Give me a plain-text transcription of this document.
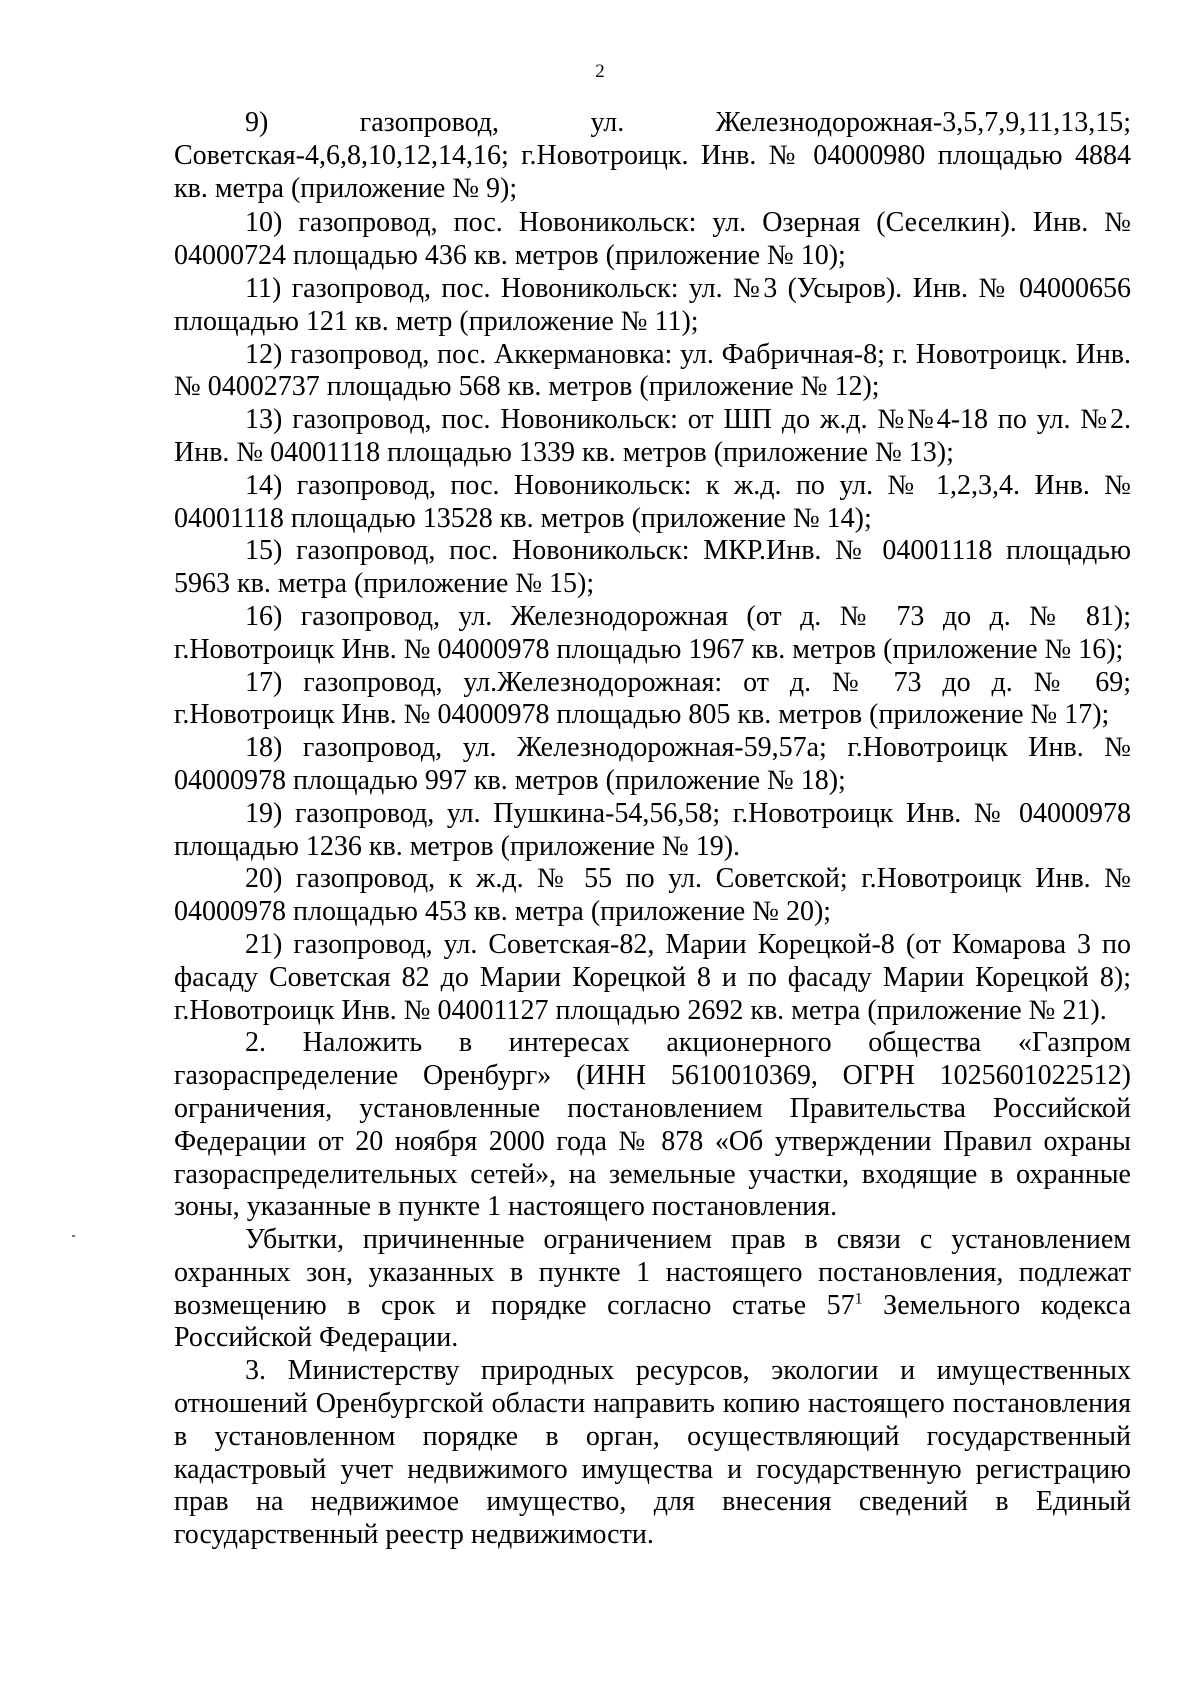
2

9) газопровод, ул. Железнодорожная-3,5,7,9,11,13,15; Советская-4,6,8,10,12,14,16; г.Новотроицк. Инв. № 04000980 площадью 4884 кв. метра (приложение № 9);

10) газопровод, пос. Новоникольск: ул. Озерная (Сеселкин). Инв. № 04000724 площадью 436 кв. метров (приложение № 10);

11) газопровод, пос. Новоникольск: ул. №3 (Усыров). Инв. № 04000656 площадью 121 кв. метр (приложение № 11);

12) газопровод, пос. Аккермановка: ул. Фабричная-8; г. Новотроицк. Инв. № 04002737 площадью 568 кв. метров (приложение № 12);

13) газопровод, пос. Новоникольск: от ШП до ж.д. №№4-18 по ул. №2. Инв. № 04001118 площадью 1339 кв. метров (приложение № 13);

14) газопровод, пос. Новоникольск: к ж.д. по ул. № 1,2,3,4. Инв. № 04001118 площадью 13528 кв. метров (приложение № 14);

15) газопровод, пос. Новоникольск: МКР.Инв. № 04001118 площадью 5963 кв. метра (приложение № 15);

16) газопровод, ул. Железнодорожная (от д. № 73 до д. № 81); г.Новотроицк Инв. № 04000978 площадью 1967 кв. метров (приложение № 16);

17) газопровод, ул.Железнодорожная: от д. № 73 до д. № 69; г.Новотроицк Инв. № 04000978 площадью 805 кв. метров (приложение № 17);

18) газопровод, ул. Железнодорожная-59,57а; г.Новотроицк Инв. № 04000978 площадью 997 кв. метров (приложение № 18);

19) газопровод, ул. Пушкина-54,56,58; г.Новотроицк Инв. № 04000978 площадью 1236 кв. метров (приложение № 19).

20) газопровод, к ж.д. № 55 по ул. Советской; г.Новотроицк Инв. № 04000978 площадью 453 кв. метра (приложение № 20);

21) газопровод, ул. Советская-82, Марии Корецкой-8 (от Комарова 3 по фасаду Советская 82 до Марии Корецкой 8 и по фасаду Марии Корецкой 8); г.Новотроицк Инв. № 04001127 площадью 2692 кв. метра (приложение № 21).

2. Наложить в интересах акционерного общества «Газпром газораспределение Оренбург» (ИНН 5610010369, ОГРН 1025601022512) ограничения, установленные постановлением Правительства Российской Федерации от 20 ноября 2000 года № 878 «Об утверждении Правил охраны газораспределительных сетей», на земельные участки, входящие в охранные зоны, указанные в пункте 1 настоящего постановления.

Убытки, причиненные ограничением прав в связи с установлением охранных зон, указанных в пункте 1 настоящего постановления, подлежат возмещению в срок и порядке согласно статье $57^1$ Земельного кодекса Российской Федерации.

3. Министерству природных ресурсов, экологии и имущественных отношений Оренбургской области направить копию настоящего постановления в установленном порядке в орган, осуществляющий государственный кадастровый учет недвижимого имущества и государственную регистрацию прав на недвижимое имущество, для внесения сведений в Единый государственный реестр недвижимости.
